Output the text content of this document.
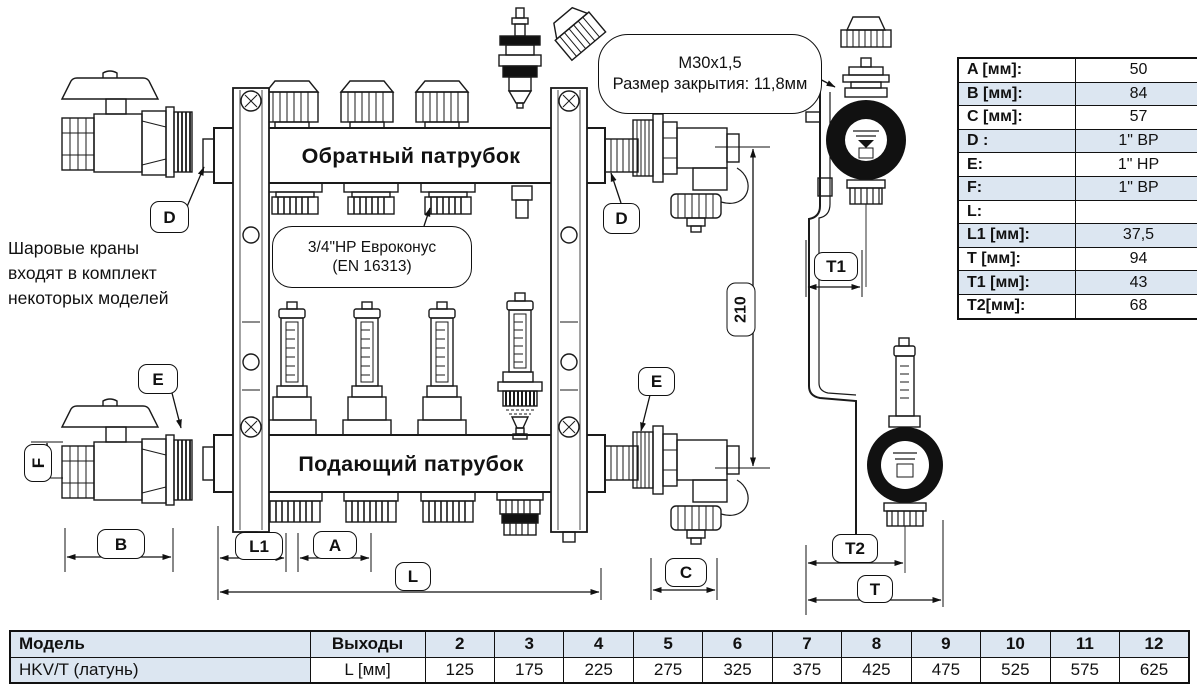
Обратный патрубок
Подающий патрубок
Шаровые краны
входят в комплект
некоторых моделей
3/4"НР Евроконус
(EN 16313)
М30х1,5
Размер закрытия: 11,8мм
D
E
D
E
F
B	L1	A
L	C
T1
T2
T
210
A [мм]:	50
B [мм]:	84
C [мм]:	57
D :	1" ВР
E:	1" НР
F:	1" ВР
L:	
L1 [мм]:	37,5
T [мм]:	94
T1 [мм]:	43
T2[мм]:	68
Модель	Выходы	2	3	4	5	6	7	8	9	10	11	12
HKV/T (латунь)	L [мм]	125	175	225	275	325	375	425	475	525	575	625
